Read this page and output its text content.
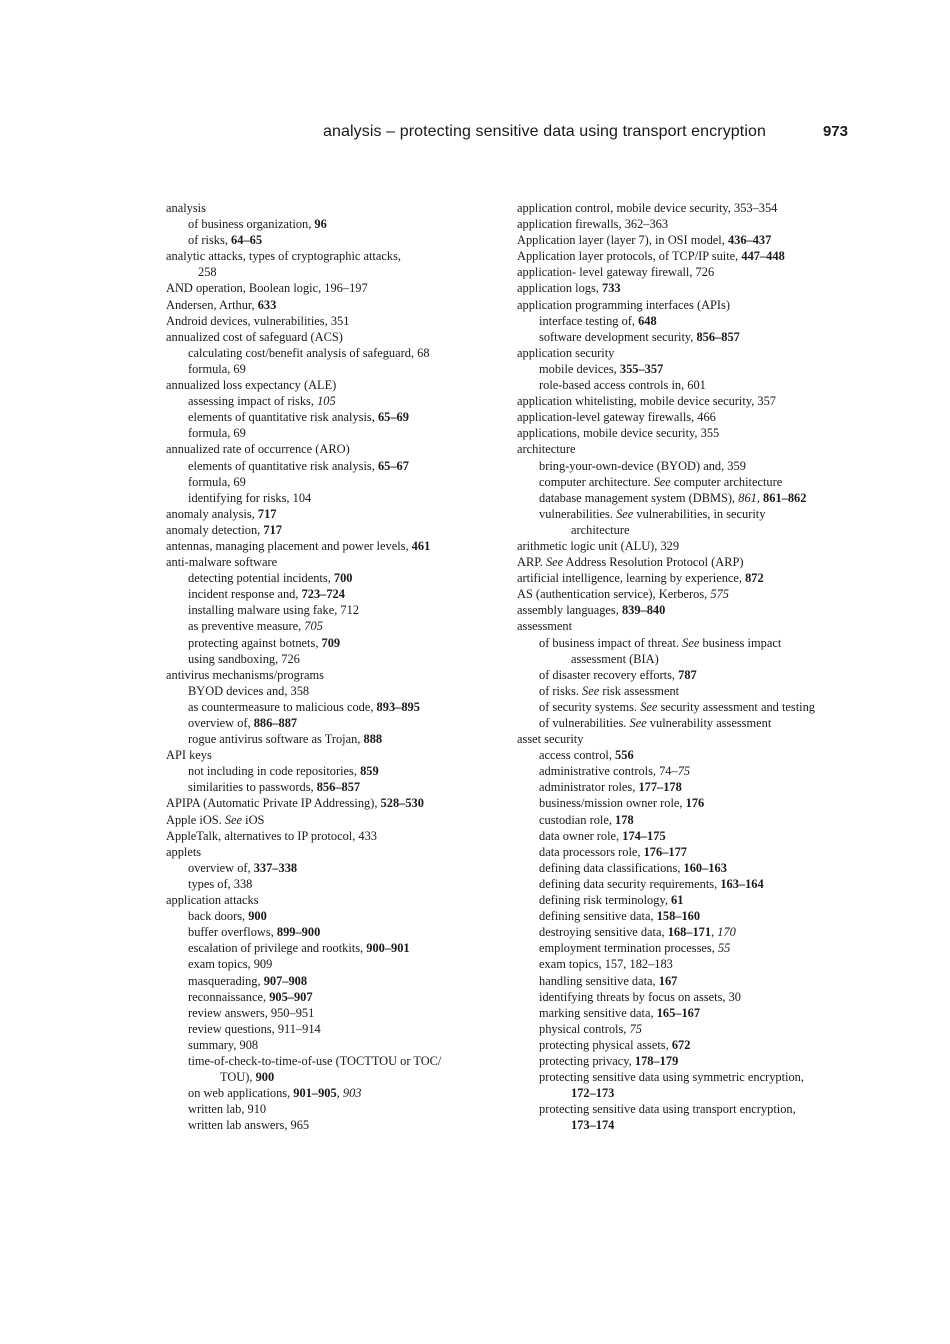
analysis – protecting sensitive data using transport encryption	973
analysis
of business organization, 96
of risks, 64–65
analytic attacks, types of cryptographic attacks,
258
AND operation, Boolean logic, 196–197
Andersen, Arthur, 633
Android devices, vulnerabilities, 351
annualized cost of safeguard (ACS)
calculating cost/benefit analysis of safeguard, 68
formula, 69
annualized loss expectancy (ALE)
assessing impact of risks, 105
elements of quantitative risk analysis, 65–69
formula, 69
annualized rate of occurrence (ARO)
elements of quantitative risk analysis, 65–67
formula, 69
identifying for risks, 104
anomaly analysis, 717
anomaly detection, 717
antennas, managing placement and power levels, 461
anti-malware software
detecting potential incidents, 700
incident response and, 723–724
installing malware using fake, 712
as preventive measure, 705
protecting against botnets, 709
using sandboxing, 726
antivirus mechanisms/programs
BYOD devices and, 358
as countermeasure to malicious code, 893–895
overview of, 886–887
rogue antivirus software as Trojan, 888
API keys
not including in code repositories, 859
similarities to passwords, 856–857
APIPA (Automatic Private IP Addressing), 528–530
Apple iOS. See iOS
AppleTalk, alternatives to IP protocol, 433
applets
overview of, 337–338
types of, 338
application attacks
back doors, 900
buffer overflows, 899–900
escalation of privilege and rootkits, 900–901
exam topics, 909
masquerading, 907–908
reconnaissance, 905–907
review answers, 950–951
review questions, 911–914
summary, 908
time-of-check-to-time-of-use (TOCTTOU or TOC/
TOU), 900
on web applications, 901–905, 903
written lab, 910
written lab answers, 965
application control, mobile device security, 353–354
application firewalls, 362–363
Application layer (layer 7), in OSI model, 436–437
Application layer protocols, of TCP/IP suite, 447–448
application- level gateway firewall, 726
application logs, 733
application programming interfaces (APIs)
interface testing of, 648
software development security, 856–857
application security
mobile devices, 355–357
role-based access controls in, 601
application whitelisting, mobile device security, 357
application-level gateway firewalls, 466
applications, mobile device security, 355
architecture
bring-your-own-device (BYOD) and, 359
computer architecture. See computer architecture
database management system (DBMS), 861, 861–862
vulnerabilities. See vulnerabilities, in security
architecture
arithmetic logic unit (ALU), 329
ARP. See Address Resolution Protocol (ARP)
artificial intelligence, learning by experience, 872
AS (authentication service), Kerberos, 575
assembly languages, 839–840
assessment
of business impact of threat. See business impact
assessment (BIA)
of disaster recovery efforts, 787
of risks. See risk assessment
of security systems. See security assessment and testing
of vulnerabilities. See vulnerability assessment
asset security
access control, 556
administrative controls, 74–75
administrator roles, 177–178
business/mission owner role, 176
custodian role, 178
data owner role, 174–175
data processors role, 176–177
defining data classifications, 160–163
defining data security requirements, 163–164
defining risk terminology, 61
defining sensitive data, 158–160
destroying sensitive data, 168–171, 170
employment termination processes, 55
exam topics, 157, 182–183
handling sensitive data, 167
identifying threats by focus on assets, 30
marking sensitive data, 165–167
physical controls, 75
protecting physical assets, 672
protecting privacy, 178–179
protecting sensitive data using symmetric encryption,
172–173
protecting sensitive data using transport encryption,
173–174
